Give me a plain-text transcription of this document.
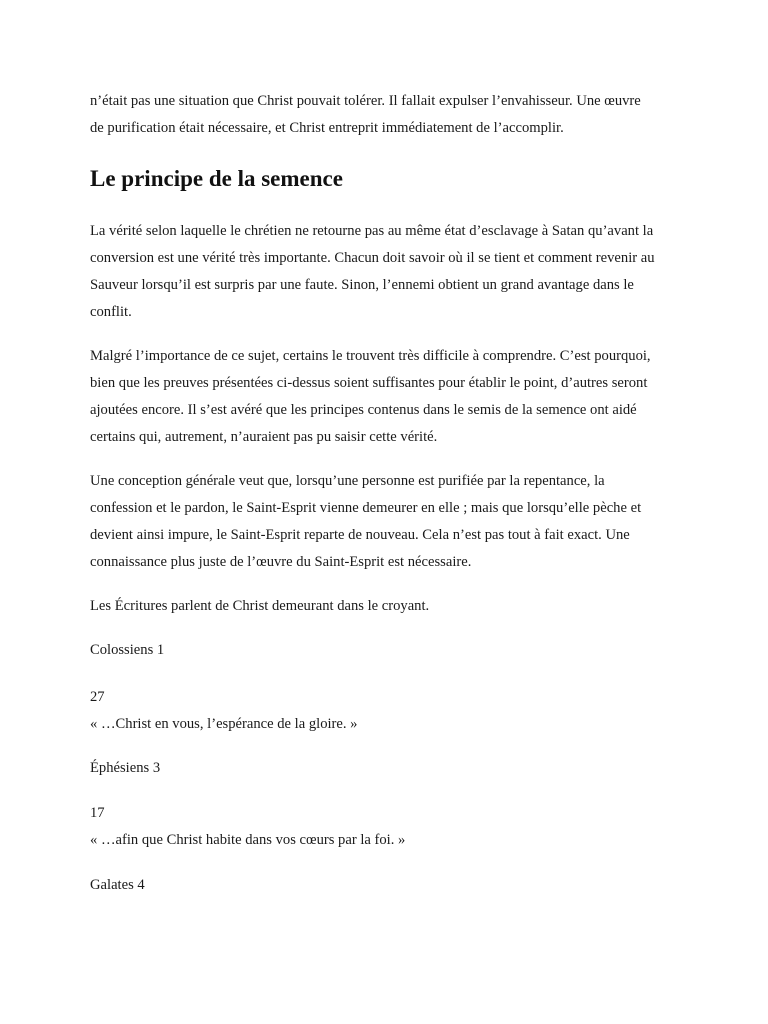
n’était pas une situation que Christ pouvait tolérer. Il fallait expulser l’envahisseur. Une œuvre
de purification était nécessaire, et Christ entreprit immédiatement de l’accomplir.

Le principe de la semence

La vérité selon laquelle le chrétien ne retourne pas au même état d’esclavage à Satan qu’avant la
conversion est une vérité très importante. Chacun doit savoir où il se tient et comment revenir au
Sauveur lorsqu’il est surpris par une faute. Sinon, l’ennemi obtient un grand avantage dans le
conflit.

Malgré l’importance de ce sujet, certains le trouvent très difficile à comprendre. C’est pourquoi,
bien que les preuves présentées ci-dessus soient suffisantes pour établir le point, d’autres seront
ajoutées encore. Il s’est avéré que les principes contenus dans le semis de la semence ont aidé
certains qui, autrement, n’auraient pas pu saisir cette vérité.

Une conception générale veut que, lorsqu’une personne est purifiée par la repentance, la
confession et le pardon, le Saint-Esprit vienne demeurer en elle ; mais que lorsqu’elle pèche et
devient ainsi impure, le Saint-Esprit reparte de nouveau. Cela n’est pas tout à fait exact. Une
connaissance plus juste de l’œuvre du Saint-Esprit est nécessaire.

Les Écritures parlent de Christ demeurant dans le croyant.

Colossiens 1

27

« …Christ en vous, l’espérance de la gloire. »

Éphésiens 3

17

« …afin que Christ habite dans vos cœurs par la foi. »

Galates 4
